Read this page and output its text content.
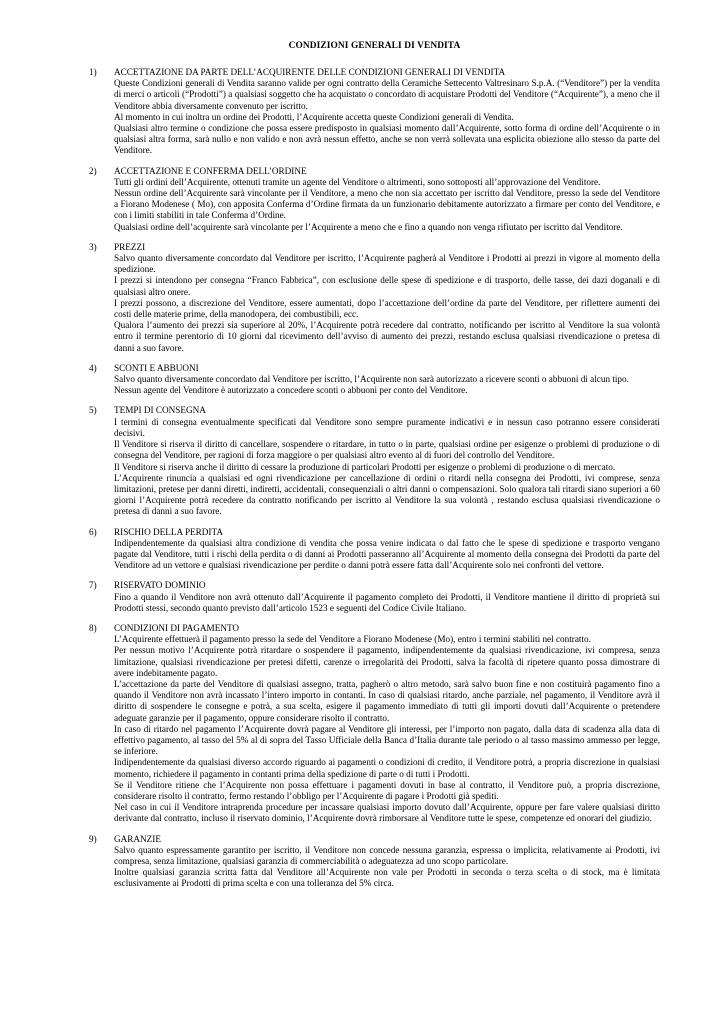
CONDIZIONI GENERALI DI VENDITA
1)	ACCETTAZIONE DA PARTE DELL’ACQUIRENTE DELLE CONDIZIONI GENERALI DI VENDITA

Queste Condizioni generali di Vendita saranno valide per ogni contratto della Ceramiche Settecento Valtresinaro S.p.A. (“Venditore”) per la vendita di merci o articoli (“Prodotti”) a qualsiasi soggetto che ha acquistato o concordato di acquistare Prodotti del Venditore (“Acquirente”), a meno che il Venditore abbia diversamente convenuto per iscritto.

Al momento in cui inoltra un ordine dei Prodotti, l’Acquirente accetta queste Condizioni generali di Vendita.

Qualsiasi altro termine o condizione che possa essere predisposto in qualsiasi momento dall’Acquirente, sotto forma di ordine dell’Acquirente o in qualsiasi altra forma, sarà nullo e non valido e non avrà nessun effetto, anche se non verrà sollevata una esplicita obiezione allo stesso da parte del Venditore.

2)	ACCETTAZIONE E CONFERMA DELL’ORDINE

Tutti gli ordini dell’Acquirente, ottenuti tramite un agente del Venditore o altrimenti, sono sottoposti all’approvazione del Venditore.

Nessun ordine dell’Acquirente sarà vincolante per il Venditore, a meno che non sia accettato per iscritto dal Venditore, presso la sede del Venditore a Fiorano Modenese ( Mo), con apposita Conferma d’Ordine firmata da un funzionario debitamente autorizzato a firmare per conto del Venditore, e con i limiti stabiliti in tale Conferma d’Ordine.

Qualsiasi ordine dell’acquirente sarà vincolante per l’Acquirente a meno che e fino a quando non venga rifiutato per iscritto dal Venditore.

3)	PREZZI

Salvo quanto diversamente concordato dal Venditore per iscritto, l’Acquirente pagherà al Venditore i Prodotti ai prezzi in vigore al momento della spedizione.

I prezzi si intendono per consegna “Franco Fabbrica”, con esclusione delle spese di spedizione e di trasporto, delle tasse, dei dazi doganali e di qualsiasi altro onere.

I prezzi possono, a discrezione del Venditore, essere aumentati, dopo l’accettazione dell’ordine da parte del Venditore, per riflettere aumenti dei costi delle materie prime, della manodopera, dei combustibili, ecc.

Qualora l’aumento dei prezzi sia superiore al 20%, l’Acquirente potrà recedere dal contratto, notificando per iscritto al Venditore la sua volontà entro il termine perentorio di 10 giorni dal ricevimento dell’avviso di aumento dei prezzi, restando esclusa qualsiasi rivendicazione o pretesa di danni a suo favore.

4)	SCONTI E ABBUONI

Salvo quanto diversamente concordato dal Venditore per iscritto, l’Acquirente non sarà autorizzato a ricevere sconti o abbuoni di alcun tipo.

Nessun agente del Venditore è autorizzato a concedere sconti o abbuoni per conto del Venditore.

5)	TEMPI DI CONSEGNA

I termini di consegna eventualmente specificati dal Venditore sono sempre puramente indicativi e in nessun caso potranno essere considerati decisivi.

Il Venditore si riserva il diritto di cancellare, sospendere o ritardare, in tutto o in parte, qualsiasi ordine per esigenze o problemi di produzione o di consegna del Venditore, per ragioni di forza maggiore o per qualsiasi altro evento al di fuori del controllo del Venditore.

Il Venditore si riserva anche il diritto di cessare la produzione di particolari Prodotti per esigenze o problemi di produzione o di mercato.

L’Acquirente rinuncia a qualsiasi ed ogni rivendicazione per cancellazione di ordini o ritardi nella consegna dei Prodotti, ivi comprese, senza limitazioni, pretese per danni diretti, indiretti, accidentali, consequenziali o altri danni o compensazioni. Solo qualora tali ritardi siano superiori a 60 giorni l’Acquirente potrà recedere da contratto notificando per iscritto al Venditore la sua volontà , restando esclusa qualsiasi rivendicazione o pretesa di danni a suo favore.

6)	RISCHIO DELLA PERDITA

Indipendentemente da qualsiasi altra condizione di vendita che possa venire indicata o dal fatto che le spese di spedizione e trasporto vengano pagate dal Venditore, tutti i rischi della perdita o di danni ai Prodotti passeranno all’Acquirente al momento della consegna dei Prodotti da parte del Venditore ad un vettore e qualsiasi rivendicazione per perdite o danni potrà essere fatta dall’Acquirente solo nei confronti del vettore.

7)	RISERVATO DOMINIO

Fino a quando il Venditore non avrà ottenuto dall’Acquirente il pagamento completo dei Prodotti, il Venditore mantiene il diritto di proprietà sui Prodotti stessi, secondo quanto previsto dall’articolo 1523 e seguenti del Codice Civile Italiano.

8)	CONDIZIONI DI PAGAMENTO

L’Acquirente effettuerà il pagamento presso la sede del Venditore a Fiorano Modenese (Mo), entro i termini stabiliti nel contratto.

Per nessun motivo l’Acquirente potrà ritardare o sospendere il pagamento, indipendentemente da qualsiasi rivendicazione, ivi compresa, senza limitazione, qualsiasi rivendicazione per pretesi difetti, carenze o irregolarità dei Prodotti, salva la facoltà di ripetere quanto possa dimostrare di avere indebitamente pagato.

L’accettazione da parte del Venditore di qualsiasi assegno, tratta, pagherò o altro metodo, sarà salvo buon fine e non costituirà pagamento fino a quando il Venditore non avrà incassato l’intero importo in contanti. In caso di qualsiasi ritardo, anche parziale, nel pagamento, il Venditore avrà il diritto di sospendere le consegne e potrà, a sua scelta, esigere il pagamento immediato di tutti gli importi dovuti dall’Acquirente o pretendere adeguate garanzie per il pagamento, oppure considerare risolto il contratto.

In caso di ritardo nel pagamento l’Acquirente dovrà pagare al Venditore gli interessi, per l’importo non pagato, dalla data di scadenza alla data di effettivo pagamento, al tasso del 5% al di sopra del Tasso Ufficiale della Banca d’Italia durante tale periodo o al tasso massimo ammesso per legge, se inferiore.

Indipendentemente da qualsiasi diverso accordo riguardo ai pagamenti o condizioni di credito, il Venditore potrà, a propria discrezione in qualsiasi momento, richiedere il pagamento in contanti prima della spedizione di parte o di tutti i Prodotti.

Se il Venditore ritiene che l’Acquirente non possa effettuare i pagamenti dovuti in base al contratto, il Venditore può, a propria discrezione, considerare risolto il contratto, fermo restando l’obbligo per l’Acquirente di pagare i Prodotti già spediti.

Nel caso in cui il Venditore intraprenda procedure per incassare qualsiasi importo dovuto dall’Acquirente, oppure per fare valere qualsiasi diritto derivante dal contratto, incluso il riservato dominio, l’Acquirente dovrà rimborsare al Venditore tutte le spese, competenze ed onorari del giudizio.

9)	GARANZIE

Salvo quanto espressamente garantito per iscritto, il Venditore non concede nessuna garanzia, espressa o implicita, relativamente ai Prodotti, ivi compresa, senza limitazione, qualsiasi garanzia di commerciabilità o adeguatezza ad uno scopo particolare.

Inoltre qualsiasi garanzia scritta fatta dal Venditore all’Acquirente non vale per Prodotti in seconda o terza scelta o di stock, ma è limitata esclusivamente ai Prodotti di prima scelta e con una tolleranza del 5% circa.
